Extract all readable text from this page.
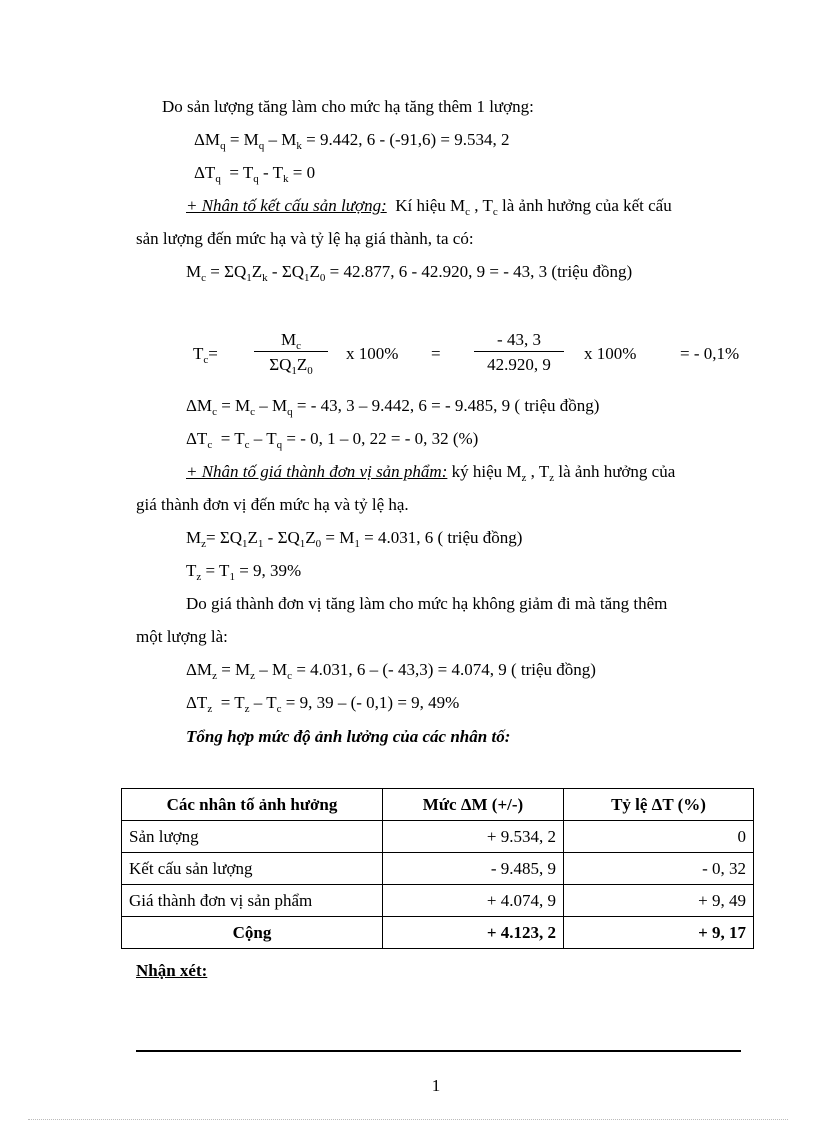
Do sản lượng tăng làm cho mức hạ tăng thêm 1 lượng:
$\Delta M_q = M_q - M_k = 9.442$, 6 - (-91,6) = 9.534, 2
$\Delta T_q = T_q - T_k = 0$
+ Nhân tố kết cấu sản lượng:  Kí hiệu $M_c$ , $T_c$ là ảnh hưởng của kết cấu
sản lượng đến mức hạ và tỷ lệ hạ giá thành, ta có:
$M_c = \Sigma Q_1Z_k - \Sigma Q_1Z_0 = 42.877$, 6 - 42.920, 9 = - 43, 3 (triệu đồng)
$T_c= \frac{M_c}{\Sigma Q_1Z_0}$ x $100\% = \frac{- 43, 3}{42.920, 9}$ x 100%	= - 0,1%
$\Delta M_c = M_c - M_q$ = - 43, 3 – 9.442, 6 = - 9.485, 9 ( triệu đồng)
$\Delta T_c = T_c - T_q$ = - 0, 1 – 0, 22 = - 0, 32 (%)
+ Nhân tố giá thành đơn vị sản phẩm: ký hiệu $M_z$ , $T_z$ là ảnh hưởng của
giá thành đơn vị đến mức hạ và tỷ lệ hạ.
$M_z= \Sigma Q_1Z_1 - \Sigma Q_1Z_0 = M_1 = 4.031$, 6 ( triệu đồng)
$T_z = T_1 = 9$, 39%
Do giá thành đơn vị tăng làm cho mức hạ không giảm đi mà tăng thêm
một lượng là:
$\Delta M_z = M_z - M_c = 4.031$, 6 – (- 43,3) = 4.074, 9 ( triệu đồng)
$\Delta T_z = T_z - T_c = 9$, 39 – (- 0,1) = 9, 49%
Tổng hợp mức độ ảnh lưởng của các nhân tố:
Các nhân tố ảnh hưởng	Mức ΔM (+/-)	Tỷ lệ ΔT (%)
Sản lượng	+ 9.534, 2	0
Kết cấu sản lượng	- 9.485, 9	- 0, 32
Giá thành đơn vị sản phẩm	+ 4.074, 9	+ 9, 49
Cộng	+ 4.123, 2	+ 9, 17
Nhận xét:
1
